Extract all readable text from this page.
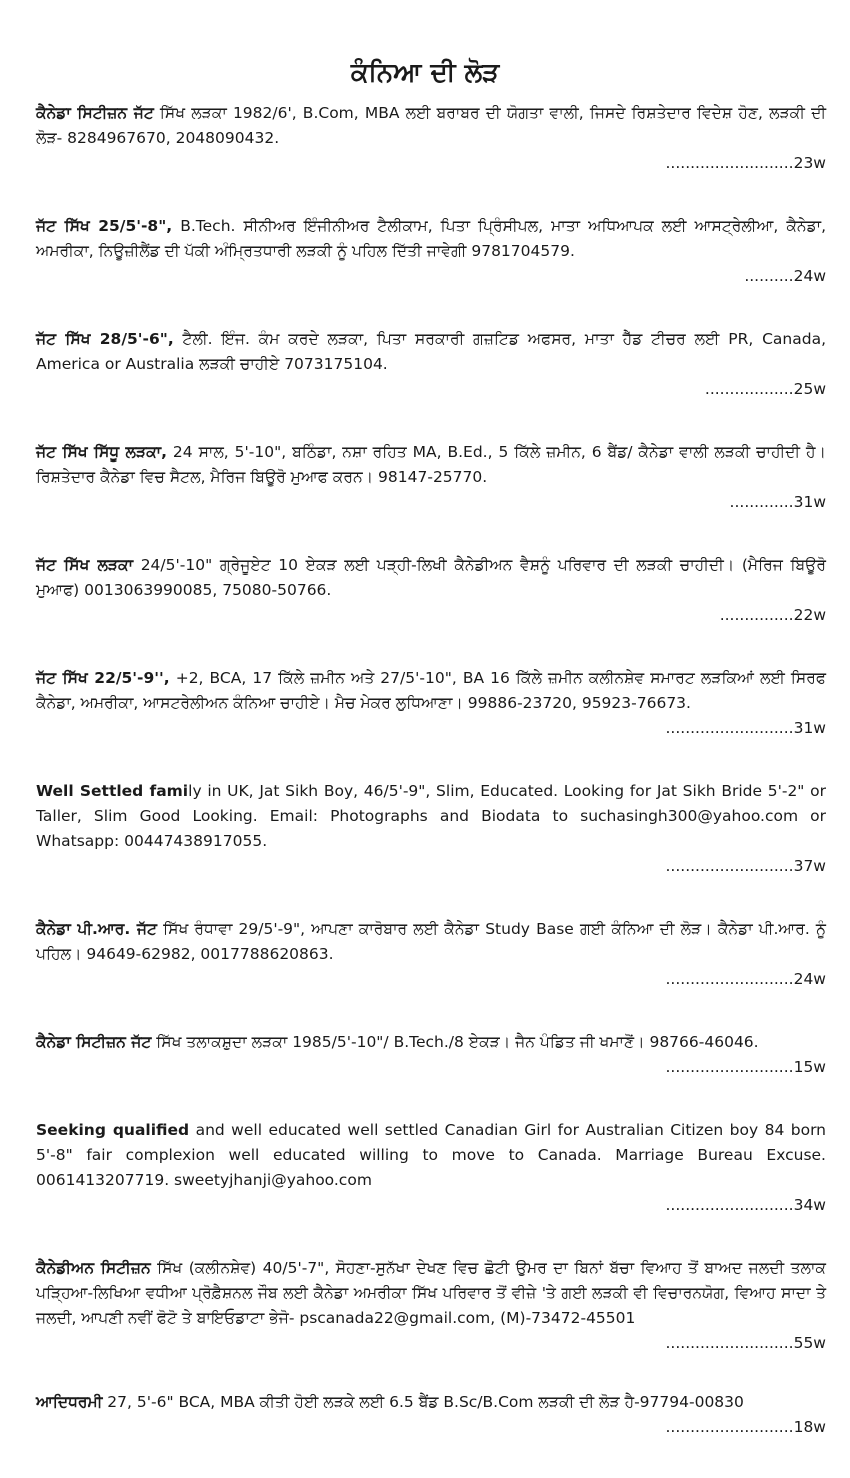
ਕੰਨਿਆ ਦੀ ਲੋੜ

ਕੈਨੇਡਾ ਸਿਟੀਜ਼ਨ ਜੱਟ ਸਿੱਖ ਲੜਕਾ 1982/6', B.Com, MBA ਲਈ ਬਰਾਬਰ ਦੀ ਯੋਗਤਾ ਵਾਲੀ, ਜਿਸਦੇ ਰਿਸ਼ਤੇਦਾਰ ਵਿਦੇਸ਼ ਹੋਣ, ਲੜਕੀ ਦੀ ਲੋੜ- 8284967670, 2048090432.
..........................23w

ਜੱਟ ਸਿੱਖ 25/5'-8", B.Tech. ਸੀਨੀਅਰ ਇੰਜੀਨੀਅਰ ਟੈਲੀਕਾਮ, ਪਿਤਾ ਪ੍ਰਿੰਸੀਪਲ, ਮਾਤਾ ਅਧਿਆਪਕ ਲਈ ਆਸਟ੍ਰੇਲੀਆ, ਕੈਨੇਡਾ, ਅਮਰੀਕਾ, ਨਿਊਜ਼ੀਲੈਂਡ ਦੀ ਪੱਕੀ ਅੰਮ੍ਰਿਤਧਾਰੀ ਲੜਕੀ ਨੂੰ ਪਹਿਲ ਦਿੱਤੀ ਜਾਵੇਗੀ 9781704579.
..........24w

ਜੱਟ ਸਿੱਖ 28/5'-6", ਟੈਲੀ. ਇੰਜ. ਕੰਮ ਕਰਦੇ ਲੜਕਾ, ਪਿਤਾ ਸਰਕਾਰੀ ਗਜ਼ਟਿਡ ਅਫਸਰ, ਮਾਤਾ ਹੈੱਡ ਟੀਚਰ ਲਈ PR, Canada, America or Australia ਲੜਕੀ ਚਾਹੀਏ 7073175104.
..................25w

ਜੱਟ ਸਿੱਖ ਸਿੱਧੂ ਲੜਕਾ, 24 ਸਾਲ, 5'-10", ਬਠਿੰਡਾ, ਨਸ਼ਾ ਰਹਿਤ MA, B.Ed., 5 ਕਿੱਲੇ ਜ਼ਮੀਨ, 6 ਬੈਂਡ/ ਕੈਨੇਡਾ ਵਾਲੀ ਲੜਕੀ ਚਾਹੀਦੀ ਹੈ। ਰਿਸ਼ਤੇਦਾਰ ਕੈਨੇਡਾ ਵਿਚ ਸੈਟਲ, ਮੈਰਿਜ ਬਿਊਰੋ ਮੁਆਫ ਕਰਨ। 98147-25770.
.............31w

ਜੱਟ ਸਿੱਖ ਲੜਕਾ 24/5'-10" ਗ੍ਰੇਜੂਏਟ 10 ਏਕੜ ਲਈ ਪੜ੍ਹੀ-ਲਿਖੀ ਕੈਨੇਡੀਅਨ ਵੈਸ਼ਨੂੰ ਪਰਿਵਾਰ ਦੀ ਲੜਕੀ ਚਾਹੀਦੀ। (ਮੈਰਿਜ ਬਿਊਰੋ ਮੁਆਫ) 0013063990085, 75080-50766.
...............22w

ਜੱਟ ਸਿੱਖ 22/5'-9'', +2, BCA, 17 ਕਿੱਲੇ ਜ਼ਮੀਨ ਅਤੇ 27/5'-10", BA 16 ਕਿੱਲੇ ਜ਼ਮੀਨ ਕਲੀਨਸ਼ੇਵ ਸਮਾਰਟ ਲੜਕਿਆਂ ਲਈ ਸਿਰਫ ਕੈਨੇਡਾ, ਅਮਰੀਕਾ, ਆਸਟਰੇਲੀਅਨ ਕੰਨਿਆ ਚਾਹੀਏ। ਮੈਚ ਮੇਕਰ ਲੁਧਿਆਣਾ। 99886-23720, 95923-76673.
..........................31w

Well Settled family in UK, Jat Sikh Boy, 46/5'-9", Slim, Educated. Looking for Jat Sikh Bride 5'-2" or Taller, Slim Good Looking. Email: Photographs and Biodata to suchasingh300@yahoo.com or Whatsapp: 00447438917055.
..........................37w

ਕੈਨੇਡਾ ਪੀ.ਆਰ. ਜੱਟ ਸਿੱਖ ਰੰਧਾਵਾ 29/5'-9", ਆਪਣਾ ਕਾਰੋਬਾਰ ਲਈ ਕੈਨੇਡਾ Study Base ਗਈ ਕੰਨਿਆ ਦੀ ਲੋੜ। ਕੈਨੇਡਾ ਪੀ.ਆਰ. ਨੂੰ ਪਹਿਲ। 94649-62982, 0017788620863.
..........................24w

ਕੈਨੇਡਾ ਸਿਟੀਜ਼ਨ ਜੱਟ ਸਿੱਖ ਤਲਾਕਸ਼ੁਦਾ ਲੜਕਾ 1985/5'-10"/ B.Tech./8 ਏਕੜ। ਜੈਨ ਪੰਡਿਤ ਜੀ ਖਮਾਣੋਂ। 98766-46046.
..........................15w

Seeking qualified and well educated well settled Canadian Girl for Australian Citizen boy 84 born 5'-8" fair complexion well educated willing to move to Canada. Marriage Bureau Excuse. 0061413207719. sweetyjhanji@yahoo.com
..........................34w

ਕੈਨੇਡੀਅਨ ਸਿਟੀਜ਼ਨ ਸਿੱਖ (ਕਲੀਨਸ਼ੇਵ) 40/5'-7", ਸੋਹਣਾ-ਸੁਨੱਖਾ ਦੇਖਣ ਵਿਚ ਛੋਟੀ ਉਮਰ ਦਾ ਬਿਨਾਂ ਬੱਚਾ ਵਿਆਹ ਤੋਂ ਬਾਅਦ ਜਲਦੀ ਤਲਾਕ ਪੜ੍ਹਿਆ-ਲਿਖਿਆ ਵਧੀਆ ਪ੍ਰੋਫ਼ੈਸ਼ਨਲ ਜੌਬ ਲਈ ਕੈਨੇਡਾ ਅਮਰੀਕਾ ਸਿੱਖ ਪਰਿਵਾਰ ਤੋਂ ਵੀਜ਼ੇ 'ਤੇ ਗਈ ਲੜਕੀ ਵੀ ਵਿਚਾਰਨਯੋਗ, ਵਿਆਹ ਸਾਦਾ ਤੇ ਜਲਦੀ, ਆਪਣੀ ਨਵੀਂ ਫੋਟੋ ਤੇ ਬਾਇਓਡਾਟਾ ਭੇਜੋ- pscanada22@gmail.com, (M)-73472-45501
..........................55w

ਆਦਿਧਰਮੀ 27, 5'-6" BCA, MBA ਕੀਤੀ ਹੋਈ ਲੜਕੇ ਲਈ 6.5 ਬੈਂਡ B.Sc/B.Com ਲੜਕੀ ਦੀ ਲੋੜ ਹੈ-97794-00830
..........................18w
